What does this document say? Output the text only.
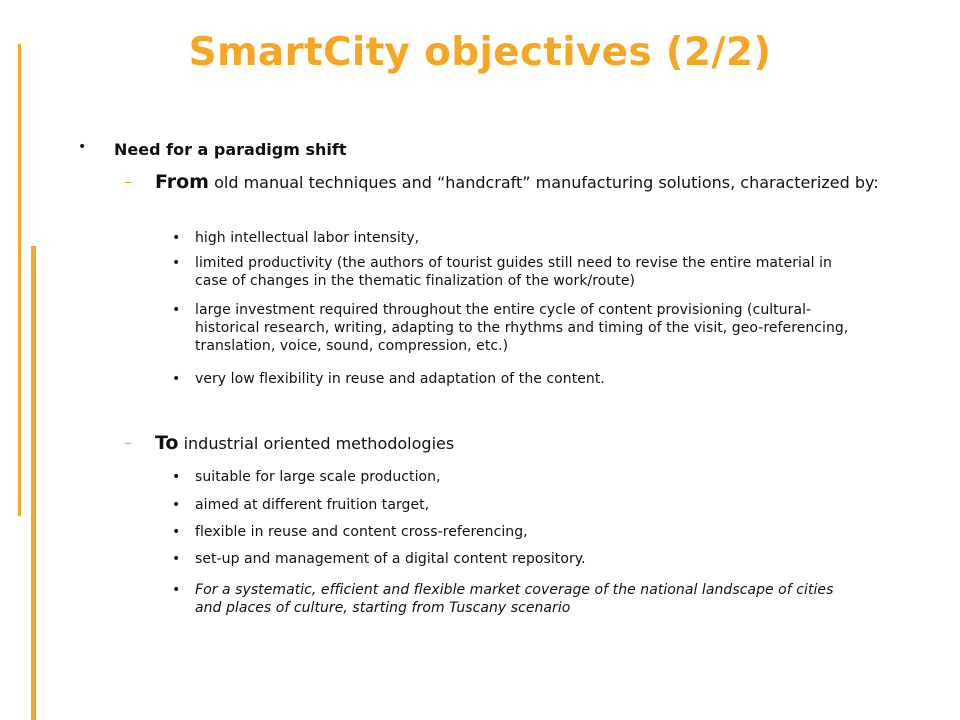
SmartCity objectives (2/2)
• Need for a paradigm shift
– From old manual techniques and “handcraft” manufacturing solutions, characterized by:
• high intellectual labor intensity,
• limited productivity (the authors of tourist guides still need to revise the entire material in case of changes in the thematic finalization of the work/route)
• large investment required throughout the entire cycle of content provisioning (cultural-historical research, writing, adapting to the rhythms and timing of the visit, geo-referencing, translation, voice, sound, compression, etc.)
• very low flexibility in reuse and adaptation of the content.
– To industrial oriented methodologies
• suitable for large scale production,
• aimed at different fruition target,
• flexible in reuse and content cross-referencing,
• set-up and management of a digital content repository.
• For a systematic, efficient and flexible market coverage of the national landscape of cities and places of culture, starting from Tuscany scenario
